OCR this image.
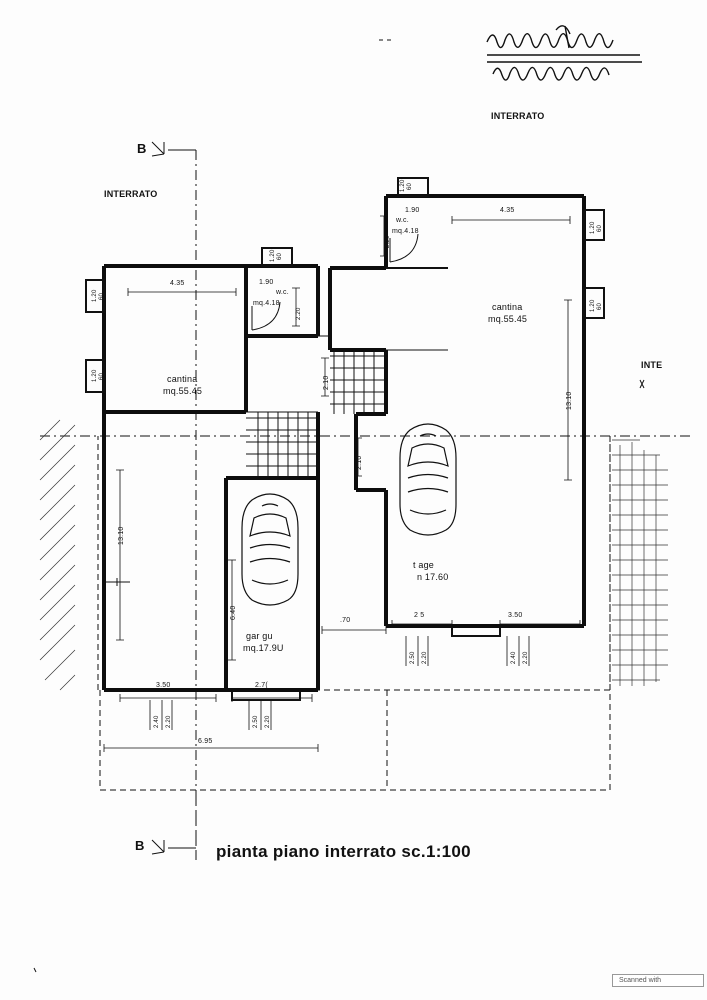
INTERRATO
INTERRATO
INTE
B
B
cantina
mq.55.45
cantina
mq.55.45
1.90
w.c.
mq.4.18
1.90
w.c.
mq.4.18
gar gu
mq.17.9U
t age
n 17.60
4.35
4.35
13.10
13.10
2.10
2.10
2.20
2.20
6.40
3.50	2.7(
6.95
.70
2 5	3.50
2.40 2.20	2.50 2.20
2.50 2.20	2.40 2.20
1.20 60
1.20 60
1.20 60
1.20 60
1.20 60
1.20 60
pianta piano interrato sc.1:100
Scanned with
